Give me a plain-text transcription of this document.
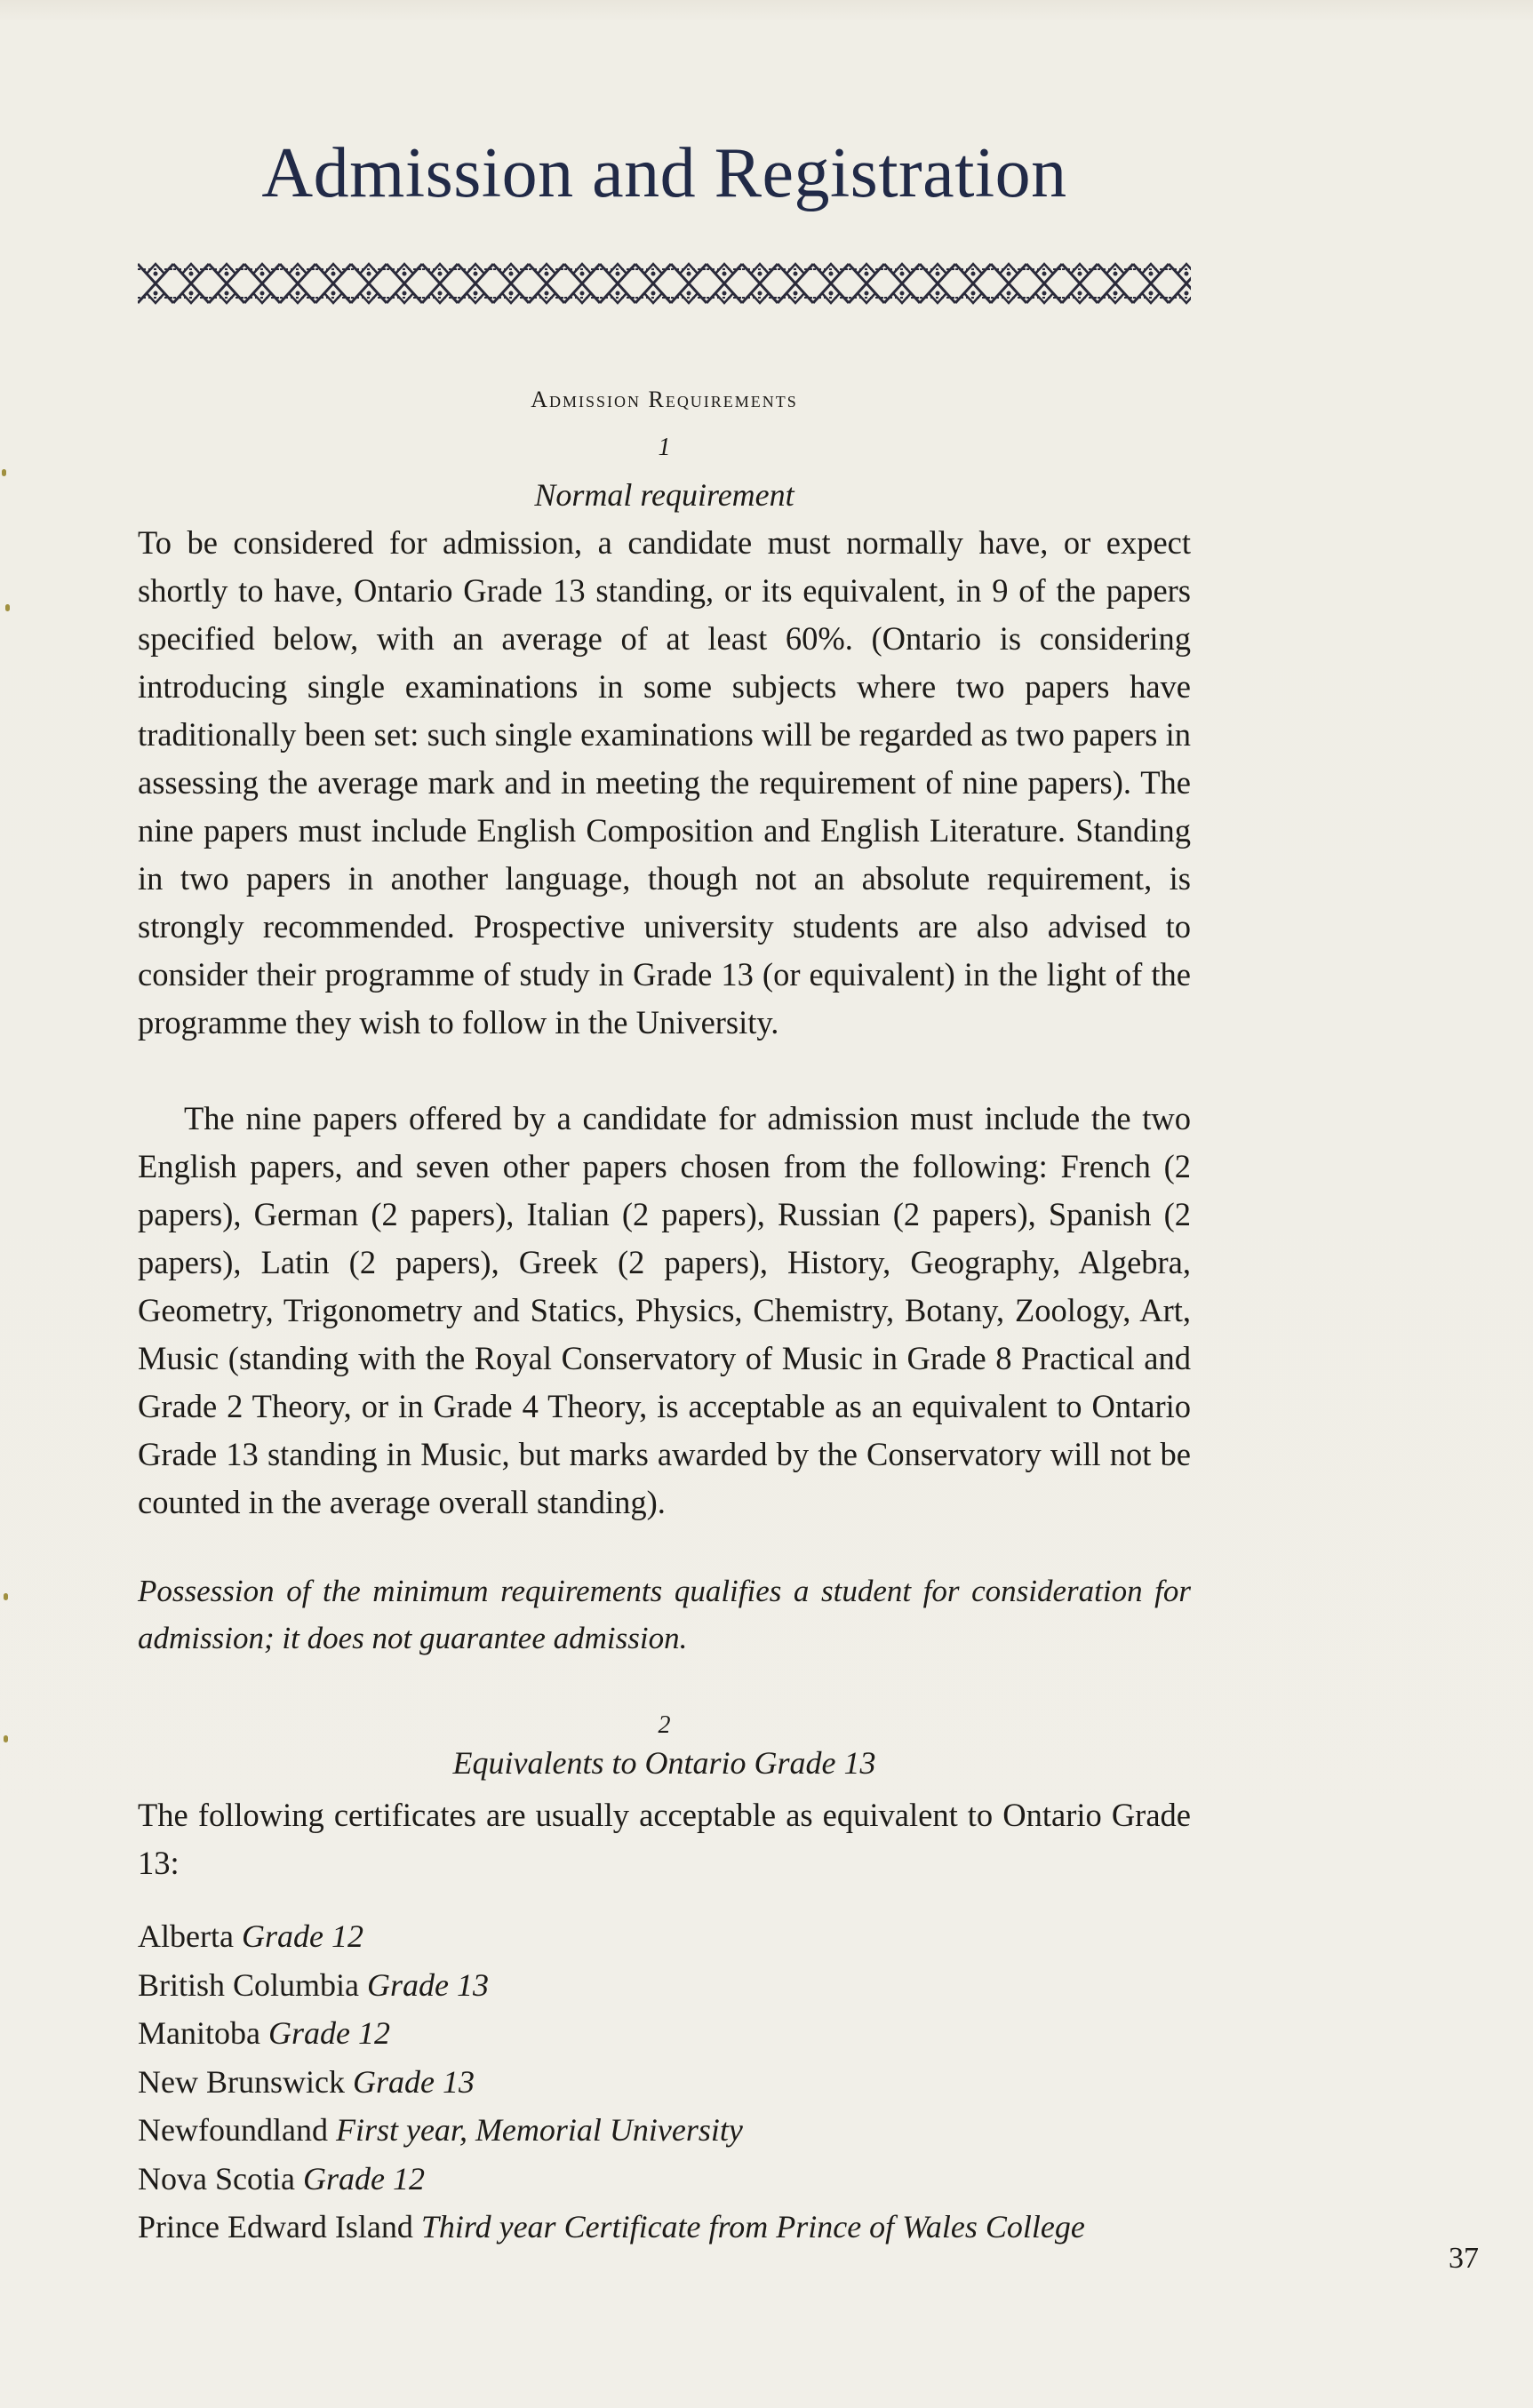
Admission and Registration
Admission Requirements
1
Normal requirement

To be considered for admission, a candidate must normally have, or expect shortly to have, Ontario Grade 13 standing, or its equivalent, in 9 of the papers specified below, with an average of at least 60%. (Ontario is considering introducing single examinations in some subjects where two papers have traditionally been set: such single examinations will be regarded as two papers in assessing the average mark and in meeting the requirement of nine papers). The nine papers must include English Composition and English Literature. Standing in two papers in another language, though not an absolute requirement, is strongly recommended. Prospective university students are also advised to consider their programme of study in Grade 13 (or equivalent) in the light of the programme they wish to follow in the University.

The nine papers offered by a candidate for admission must include the two English papers, and seven other papers chosen from the following: French (2 papers), German (2 papers), Italian (2 papers), Russian (2 papers), Spanish (2 papers), Latin (2 papers), Greek (2 papers), History, Geography, Algebra, Geometry, Trigonometry and Statics, Physics, Chemistry, Botany, Zoology, Art, Music (standing with the Royal Conservatory of Music in Grade 8 Practical and Grade 2 Theory, or in Grade 4 Theory, is acceptable as an equivalent to Ontario Grade 13 standing in Music, but marks awarded by the Conservatory will not be counted in the average overall standing).

Possession of the minimum requirements qualifies a student for consideration for admission; it does not guarantee admission.

2
Equivalents to Ontario Grade 13

The following certificates are usually acceptable as equivalent to Ontario Grade 13:

Alberta Grade 12
British Columbia Grade 13
Manitoba Grade 12
New Brunswick Grade 13
Newfoundland First year, Memorial University
Nova Scotia Grade 12
Prince Edward Island Third year Certificate from Prince of Wales College
37
